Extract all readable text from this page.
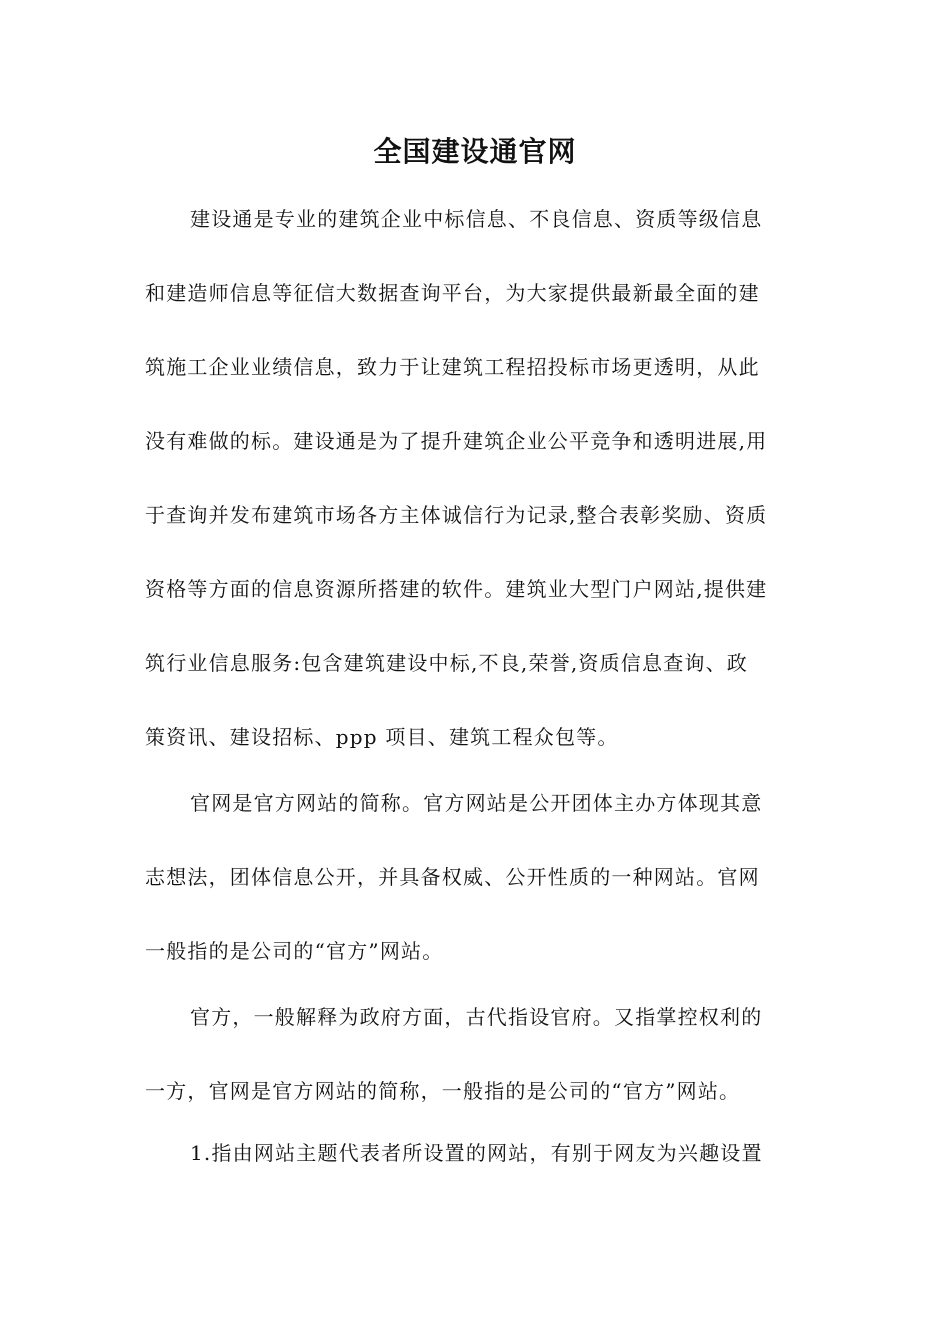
全国建设通官网
建设通是专业的建筑企业中标信息、不良信息、资质等级信息
和建造师信息等征信大数据查询平台，为大家提供最新最全面的建
筑施工企业业绩信息，致力于让建筑工程招投标市场更透明，从此
没有难做的标。建设通是为了提升建筑企业公平竞争和透明进展,用
于查询并发布建筑市场各方主体诚信行为记录,整合表彰奖励、资质
资格等方面的信息资源所搭建的软件。建筑业大型门户网站,提供建
筑行业信息服务:包含建筑建设中标,不良,荣誉,资质信息查询、政
策资讯、建设招标、ppp 项目、建筑工程众包等。
官网是官方网站的简称。官方网站是公开团体主办方体现其意
志想法，团体信息公开，并具备权威、公开性质的一种网站。官网
一般指的是公司的“官方”网站。
官方，一般解释为政府方面，古代指设官府。又指掌控权利的
一方，官网是官方网站的简称，一般指的是公司的“官方”网站。
1.指由网站主题代表者所设置的网站，有别于网友为兴趣设置
